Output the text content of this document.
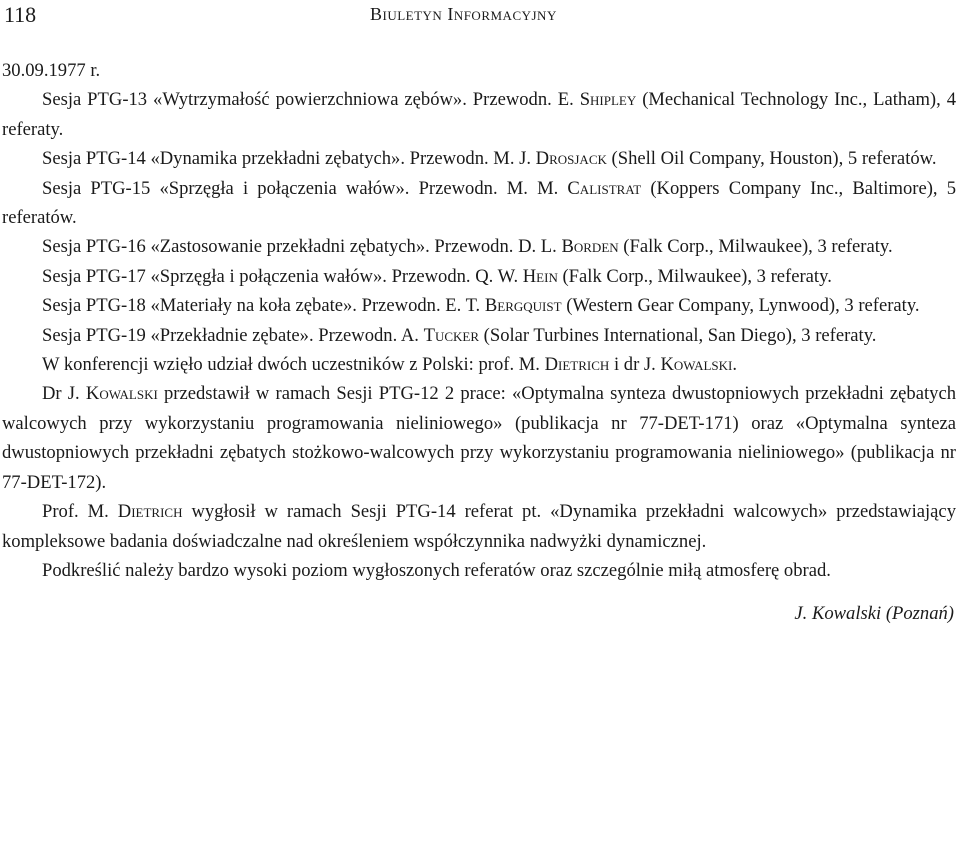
118	Biuletyn Informacyjny
30.09.1977 r.

Sesja PTG-13 «Wytrzymałość powierzchniowa zębów». Przewodn. E. Shipley (Mechanical Technology Inc., Latham), 4 referaty.

Sesja PTG-14 «Dynamika przekładni zębatych». Przewodn. M. J. Drosjack (Shell Oil Company, Houston), 5 referatów.

Sesja PTG-15 «Sprzęgła i połączenia wałów». Przewodn. M. M. Calistrat (Koppers Company Inc., Baltimore), 5 referatów.

Sesja PTG-16 «Zastosowanie przekładni zębatych». Przewodn. D. L. Borden (Falk Corp., Milwaukee), 3 referaty.

Sesja PTG-17 «Sprzęgła i połączenia wałów». Przewodn. Q. W. Hein (Falk Corp., Milwaukee), 3 referaty.

Sesja PTG-18 «Materiały na koła zębate». Przewodn. E. T. Bergquist (Western Gear Company, Lynwood), 3 referaty.

Sesja PTG-19 «Przekładnie zębate». Przewodn. A. Tucker (Solar Turbines International, San Diego), 3 referaty.

W konferencji wzięło udział dwóch uczestników z Polski: prof. M. Dietrich i dr J. Kowalski.

Dr J. Kowalski przedstawił w ramach Sesji PTG-12 2 prace: «Optymalna synteza dwustopniowych przekładni zębatych walcowych przy wykorzystaniu programowania nieliniowego» (publikacja nr 77-DET-171) oraz «Optymalna synteza dwustopniowych przekładni zębatych stożkowo-walcowych przy wykorzystaniu programowania nieliniowego» (publikacja nr 77-DET-172).

Prof. M. Dietrich wygłosił w ramach Sesji PTG-14 referat pt. «Dynamika przekładni walcowych» przedstawiający kompleksowe badania doświadczalne nad określeniem współczynnika nadwyżki dynamicznej.

Podkreślić należy bardzo wysoki poziom wygłoszonych referatów oraz szczególnie miłą atmosferę obrad.

J. Kowalski (Poznań)
